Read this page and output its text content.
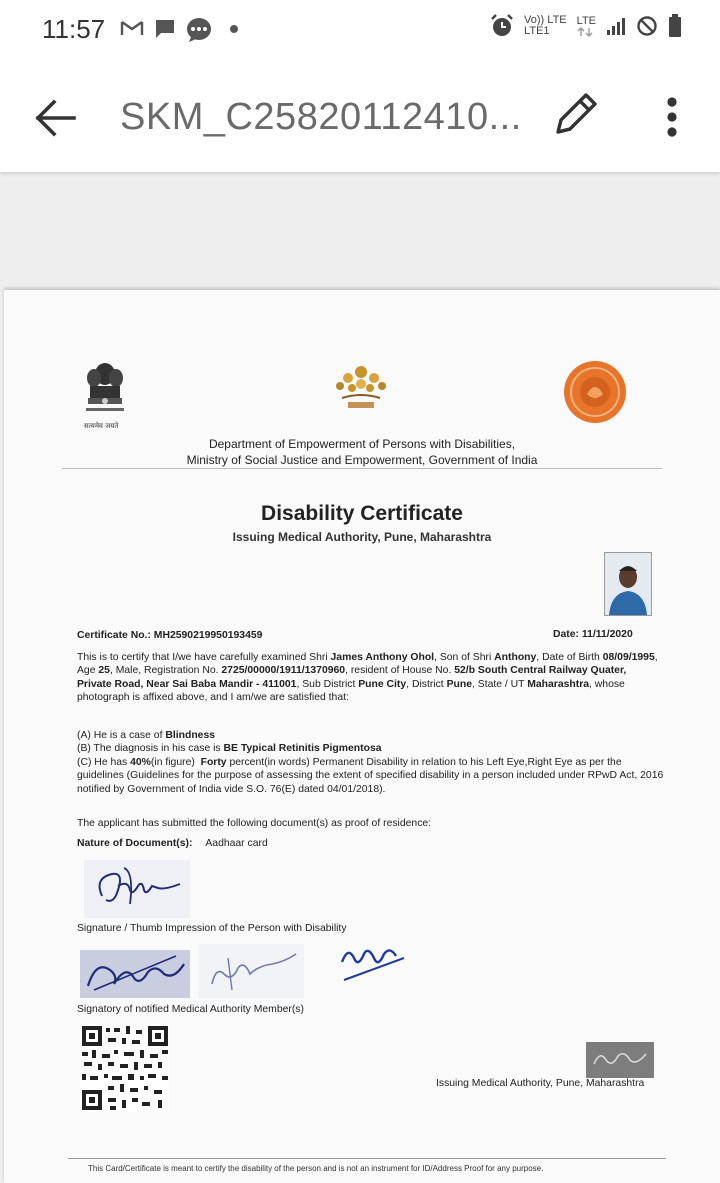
11:57	Vo)) LTE
LTE1
LTE
SKM_C25820112410...
सत्यमेव जयते
Department of Empowerment of Persons with Disabilities,
Ministry of Social Justice and Empowerment, Government of India
Disability Certificate
Issuing Medical Authority, Pune, Maharashtra
Certificate No.: MH2590219950193459	Date: 11/11/2020
This is to certify that I/we have carefully examined Shri James Anthony Ohol, Son of Shri Anthony, Date of Birth 08/09/1995, Age 25, Male, Registration No. 2725/00000/1911/1370960, resident of House No. 52/b South Central Railway Quater, Private Road, Near Sai Baba Mandir - 411001, Sub District Pune City, District Pune, State / UT Maharashtra, whose photograph is affixed above, and I am/we are satisfied that:
(A) He is a case of Blindness
(B) The diagnosis in his case is BE Typical Retinitis Pigmentosa
(C) He has 40%(in figure)  Forty percent(in words) Permanent Disability in relation to his Left Eye,Right Eye as per the guidelines (Guidelines for the purpose of assessing the extent of specified disability in a person included under RPwD Act, 2016 notified by Government of India vide S.O. 76(E) dated 04/01/2018).
The applicant has submitted the following document(s) as proof of residence:
Nature of Document(s): Aadhaar card
Signature / Thumb Impression of the Person with Disability
Signatory of notified Medical Authority Member(s)
Issuing Medical Authority, Pune, Maharashtra
This Card/Certificate is meant to certify the disability of the person and is not an instrument for ID/Address Proof for any purpose.
